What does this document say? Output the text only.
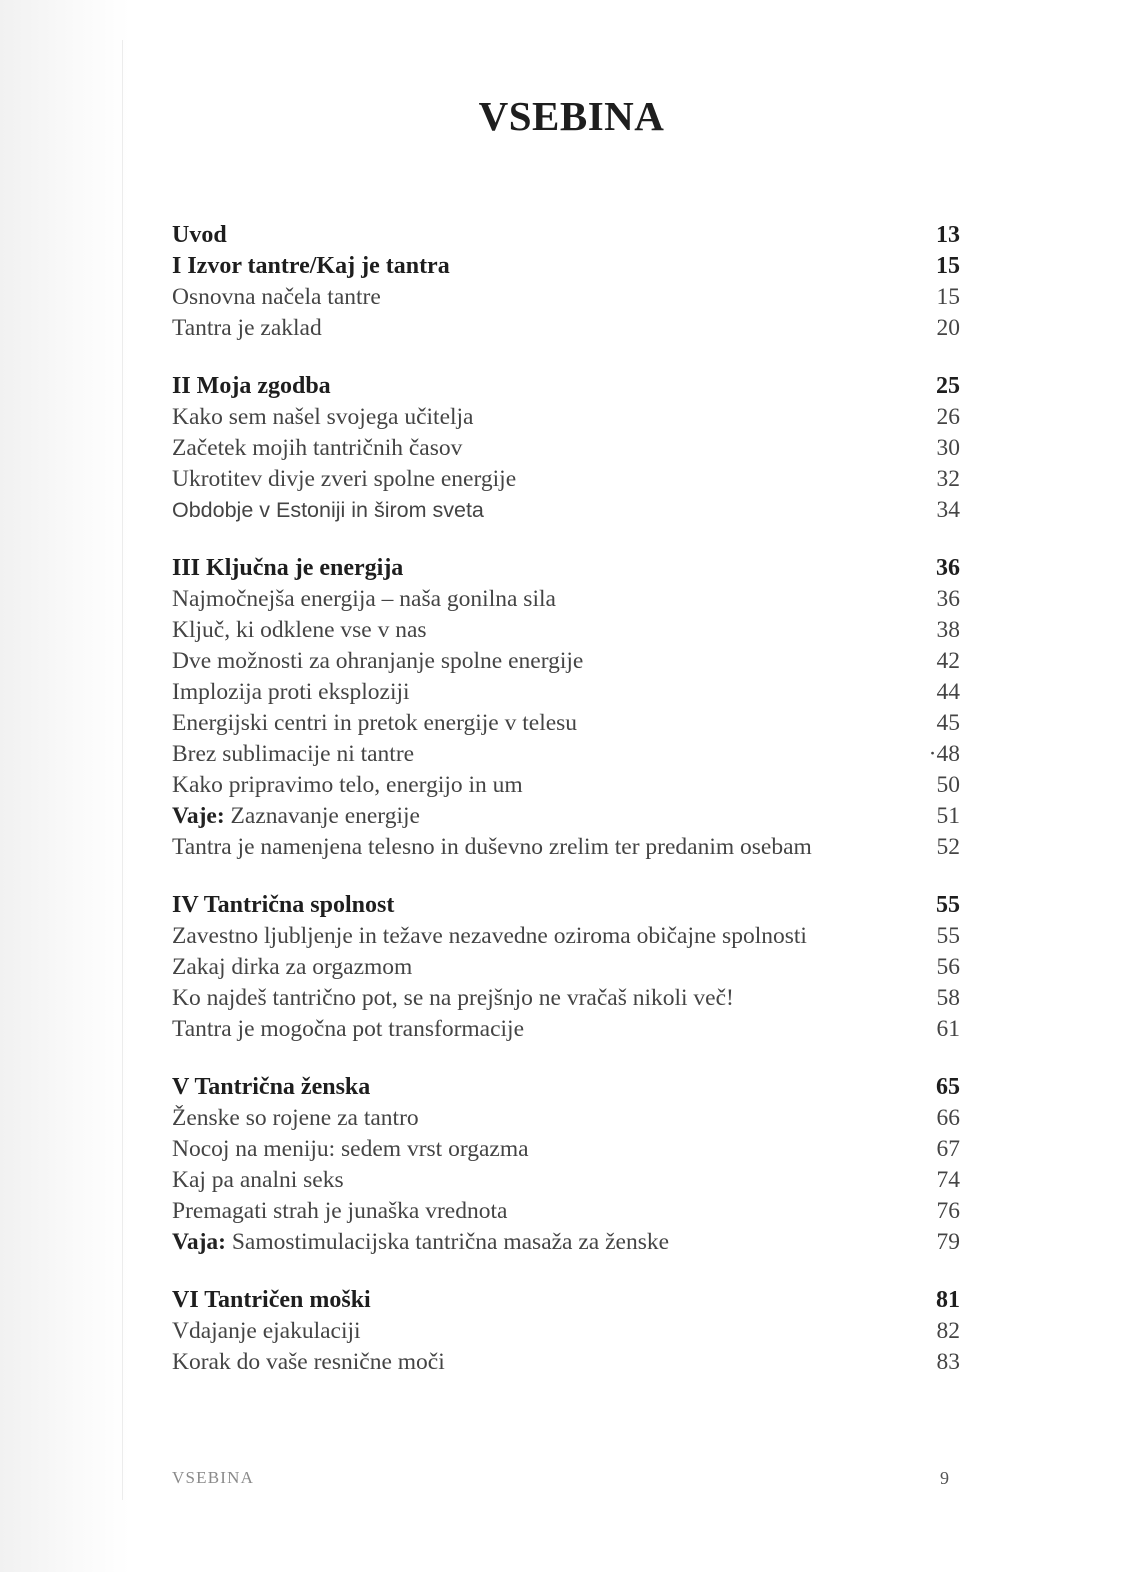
VSEBINA
Uvod	13
I Izvor tantre/Kaj je tantra	15
Osnovna načela tantre	15
Tantra je zaklad	20
II Moja zgodba	25
Kako sem našel svojega učitelja	26
Začetek mojih tantričnih časov	30
Ukrotitev divje zveri spolne energije	32
Obdobje v Estoniji in širom sveta	34
III Ključna je energija	36
Najmočnejša energija – naša gonilna sila	36
Ključ, ki odklene vse v nas	38
Dve možnosti za ohranjanje spolne energije	42
Implozija proti eksploziji	44
Energijski centri in pretok energije v telesu	45
Brez sublimacije ni tantre	·48
Kako pripravimo telo, energijo in um	50
Vaje: Zaznavanje energije	51
Tantra je namenjena telesno in duševno zrelim ter predanim osebam	52
IV Tantrična spolnost	55
Zavestno ljubljenje in težave nezavedne oziroma običajne spolnosti	55
Zakaj dirka za orgazmom	56
Ko najdeš tantrično pot, se na prejšnjo ne vračaš nikoli več!	58
Tantra je mogočna pot transformacije	61
V Tantrična ženska	65
Ženske so rojene za tantro	66
Nocoj na meniju: sedem vrst orgazma	67
Kaj pa analni seks	74
Premagati strah je junaška vrednota	76
Vaja: Samostimulacijska tantrična masaža za ženske	79
VI Tantričen moški	81
Vdajanje ejakulaciji	82
Korak do vaše resnične moči	83
VSEBINA	9
